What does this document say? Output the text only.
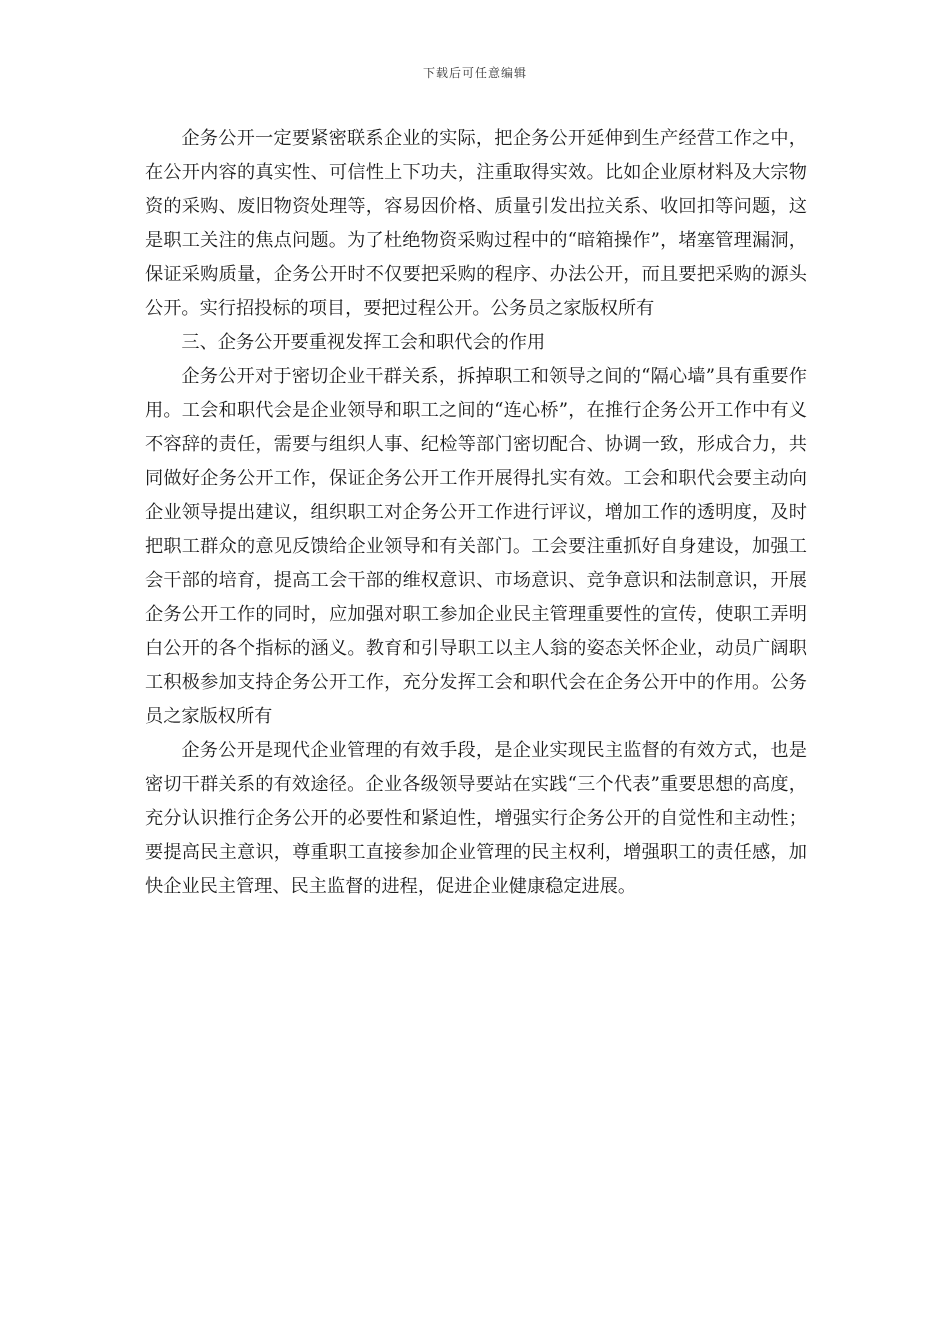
下载后可任意编辑

企务公开一定要紧密联系企业的实际，把企务公开延伸到生产经营工作之中，在公开内容的真实性、可信性上下功夫，注重取得实效。比如企业原材料及大宗物资的采购、废旧物资处理等，容易因价格、质量引发出拉关系、收回扣等问题，这是职工关注的焦点问题。为了杜绝物资采购过程中的“暗箱操作”，堵塞管理漏洞，保证采购质量，企务公开时不仅要把采购的程序、办法公开，而且要把采购的源头公开。实行招投标的项目，要把过程公开。公务员之家版权所有

三、企务公开要重视发挥工会和职代会的作用

企务公开对于密切企业干群关系，拆掉职工和领导之间的“隔心墙”具有重要作用。工会和职代会是企业领导和职工之间的“连心桥”，在推行企务公开工作中有义不容辞的责任，需要与组织人事、纪检等部门密切配合、协调一致，形成合力，共同做好企务公开工作，保证企务公开工作开展得扎实有效。工会和职代会要主动向企业领导提出建议，组织职工对企务公开工作进行评议，增加工作的透明度，及时把职工群众的意见反馈给企业领导和有关部门。工会要注重抓好自身建设，加强工会干部的培育，提高工会干部的维权意识、市场意识、竞争意识和法制意识，开展企务公开工作的同时，应加强对职工参加企业民主管理重要性的宣传，使职工弄明白公开的各个指标的涵义。教育和引导职工以主人翁的姿态关怀企业，动员广阔职工积极参加支持企务公开工作，充分发挥工会和职代会在企务公开中的作用。公务员之家版权所有

企务公开是现代企业管理的有效手段，是企业实现民主监督的有效方式，也是密切干群关系的有效途径。企业各级领导要站在实践“三个代表”重要思想的高度，充分认识推行企务公开的必要性和紧迫性，增强实行企务公开的自觉性和主动性；要提高民主意识，尊重职工直接参加企业管理的民主权利，增强职工的责任感，加快企业民主管理、民主监督的进程，促进企业健康稳定进展。
